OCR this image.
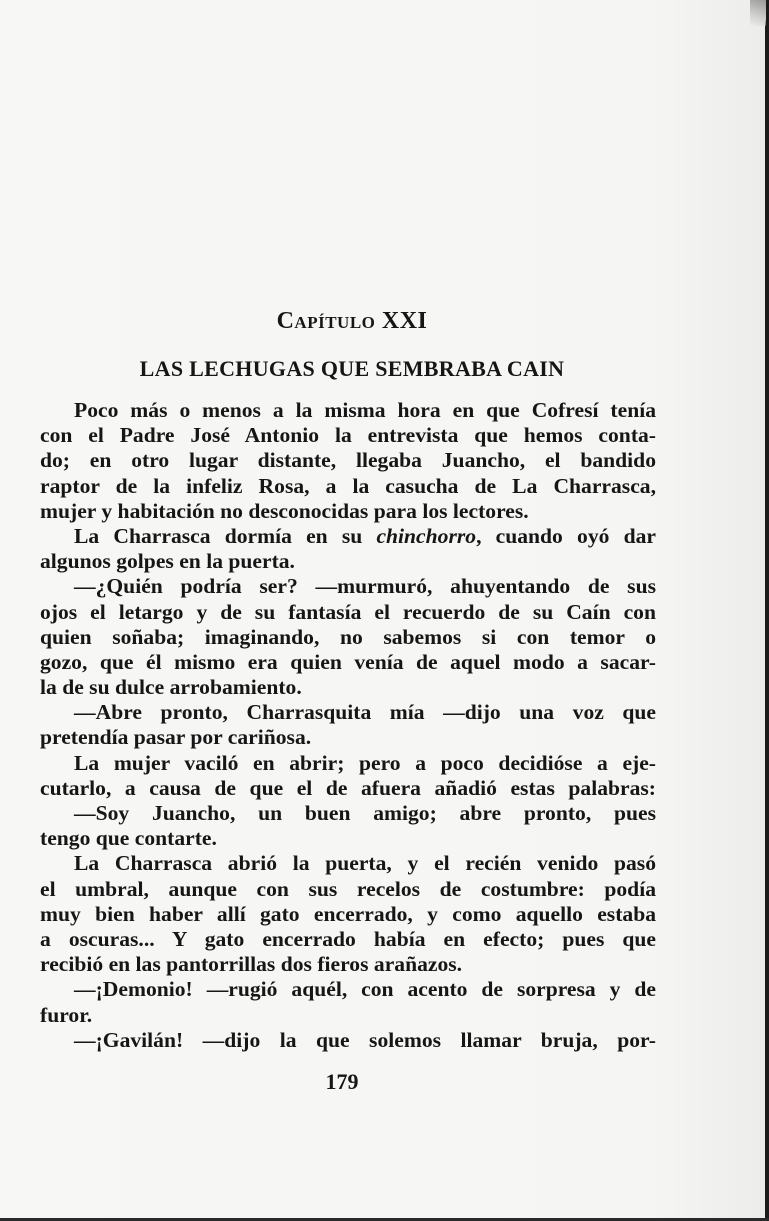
CAPÍTULO XXI
LAS LECHUGAS QUE SEMBRABA CAIN
Poco más o menos a la misma hora en que Cofresí tenía
con el Padre José Antonio la entrevista que hemos conta-
do; en otro lugar distante, llegaba Juancho, el bandido
raptor de la infeliz Rosa, a la casucha de La Charrasca,
mujer y habitación no desconocidas para los lectores.
La Charrasca dormía en su chinchorro, cuando oyó dar
algunos golpes en la puerta.
—¿Quién podría ser? —murmuró, ahuyentando de sus
ojos el letargo y de su fantasía el recuerdo de su Caín con
quien soñaba; imaginando, no sabemos si con temor o
gozo, que él mismo era quien venía de aquel modo a sacar-
la de su dulce arrobamiento.
—Abre pronto, Charrasquita mía —dijo una voz que
pretendía pasar por cariñosa.
La mujer vaciló en abrir; pero a poco decidióse a eje-
cutarlo, a causa de que el de afuera añadió estas palabras:
—Soy Juancho, un buen amigo; abre pronto, pues
tengo que contarte.
La Charrasca abrió la puerta, y el recién venido pasó
el umbral, aunque con sus recelos de costumbre: podía
muy bien haber allí gato encerrado, y como aquello estaba
a oscuras... Y gato encerrado había en efecto; pues que
recibió en las pantorrillas dos fieros arañazos.
—¡Demonio! —rugió aquél, con acento de sorpresa y de
furor.
—¡Gavilán! —dijo la que solemos llamar bruja, por-
179
